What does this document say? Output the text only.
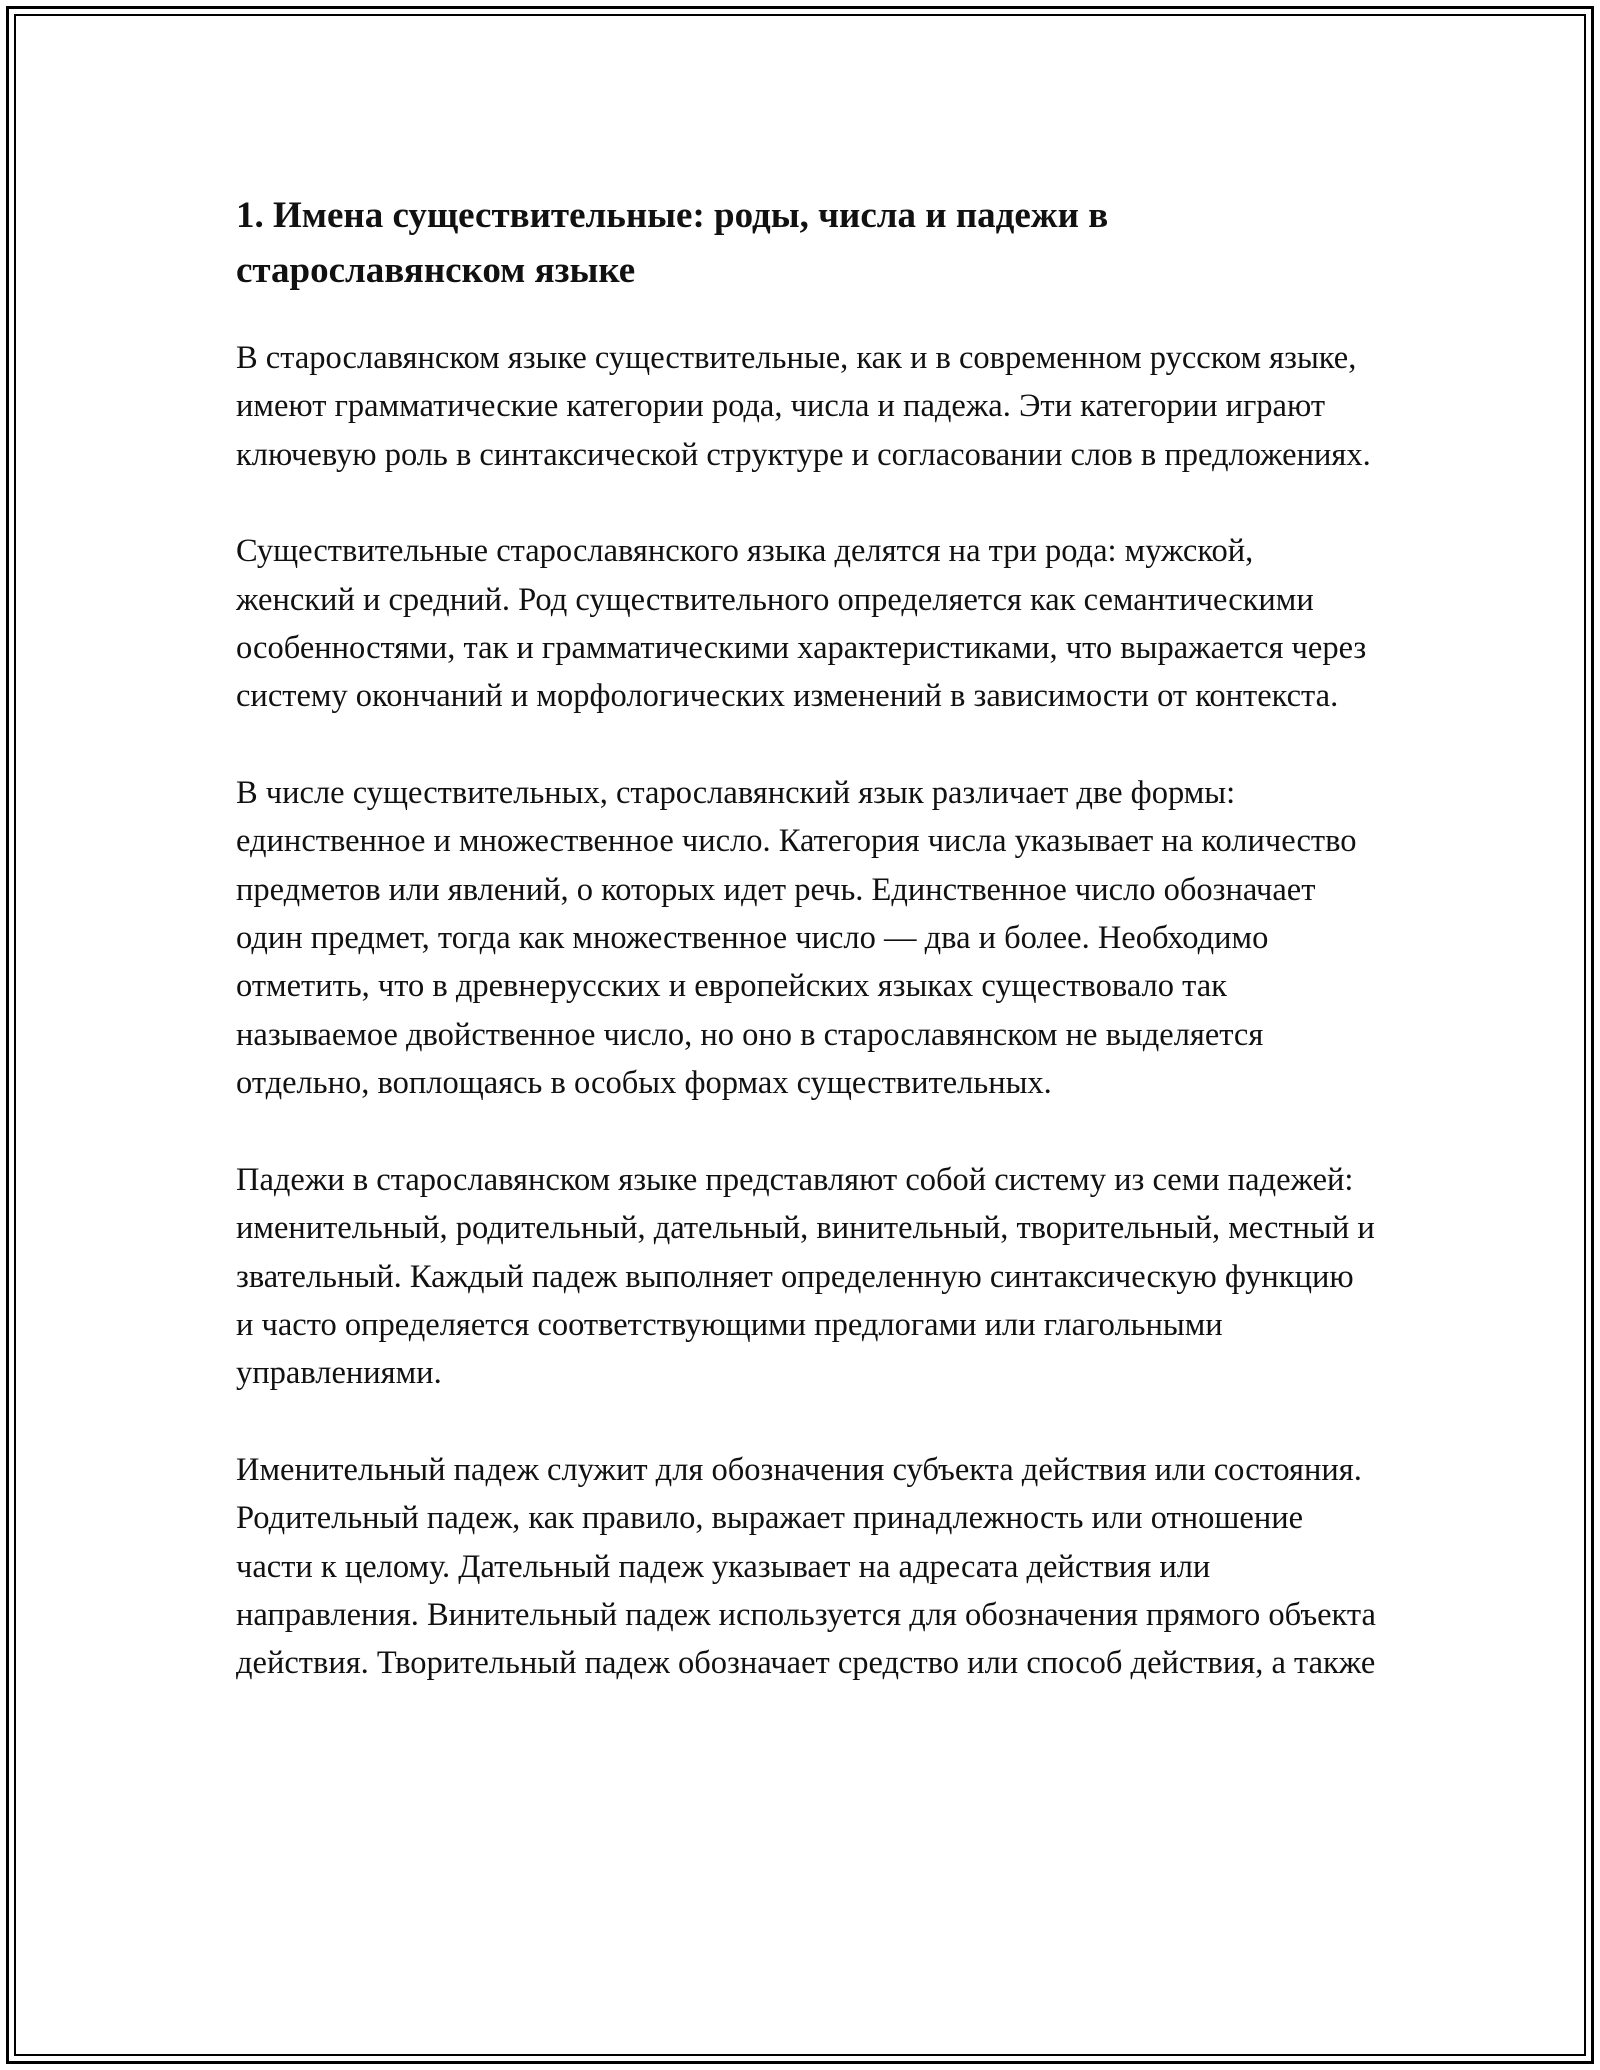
1. Имена существительные: роды, числа и падежи в старославянском языке

В старославянском языке существительные, как и в современном русском языке, имеют грамматические категории рода, числа и падежа. Эти категории играют ключевую роль в синтаксической структуре и согласовании слов в предложениях.

Существительные старославянского языка делятся на три рода: мужской, женский и средний. Род существительного определяется как семантическими особенностями, так и грамматическими характеристиками, что выражается через систему окончаний и морфологических изменений в зависимости от контекста.

В числе существительных, старославянский язык различает две формы: единственное и множественное число. Категория числа указывает на количество предметов или явлений, о которых идет речь. Единственное число обозначает один предмет, тогда как множественное число — два и более. Необходимо отметить, что в древнерусских и европейских языках существовало так называемое двойственное число, но оно в старославянском не выделяется отдельно, воплощаясь в особых формах существительных.

Падежи в старославянском языке представляют собой систему из семи падежей: именительный, родительный, дательный, винительный, творительный, местный и звательный. Каждый падеж выполняет определенную синтаксическую функцию и часто определяется соответствующими предлогами или глагольными управлениями.

Именительный падеж служит для обозначения субъекта действия или состояния. Родительный падеж, как правило, выражает принадлежность или отношение части к целому. Дательный падеж указывает на адресата действия или направления. Винительный падеж используется для обозначения прямого объекта действия. Творительный падеж обозначает средство или способ действия, а также
